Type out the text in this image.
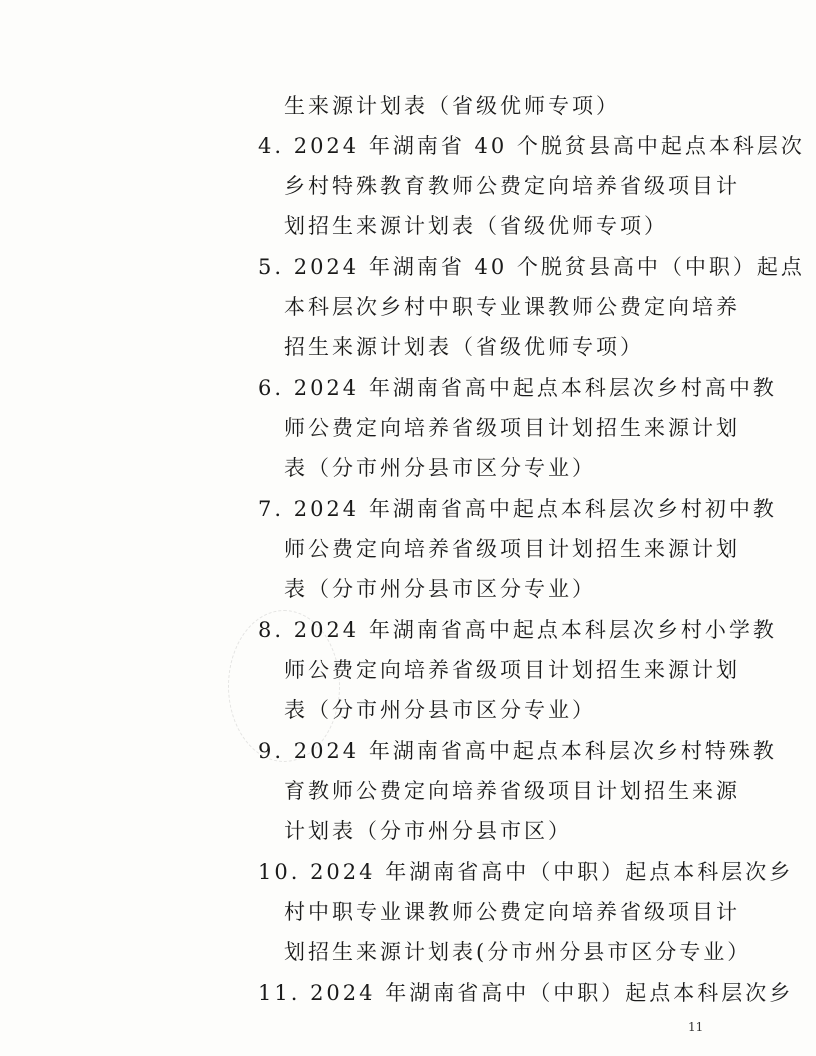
生来源计划表（省级优师专项）
4. 2024 年湖南省 40 个脱贫县高中起点本科层次
乡村特殊教育教师公费定向培养省级项目计
划招生来源计划表（省级优师专项）
5. 2024 年湖南省 40 个脱贫县高中（中职）起点
本科层次乡村中职专业课教师公费定向培养
招生来源计划表（省级优师专项）
6. 2024 年湖南省高中起点本科层次乡村高中教
师公费定向培养省级项目计划招生来源计划
表（分市州分县市区分专业）
7. 2024 年湖南省高中起点本科层次乡村初中教
师公费定向培养省级项目计划招生来源计划
表（分市州分县市区分专业）
8. 2024 年湖南省高中起点本科层次乡村小学教
师公费定向培养省级项目计划招生来源计划
表（分市州分县市区分专业）
9. 2024 年湖南省高中起点本科层次乡村特殊教
育教师公费定向培养省级项目计划招生来源
计划表（分市州分县市区）
10. 2024 年湖南省高中（中职）起点本科层次乡
村中职专业课教师公费定向培养省级项目计
划招生来源计划表(分市州分县市区分专业）
11. 2024 年湖南省高中（中职）起点本科层次乡
11
